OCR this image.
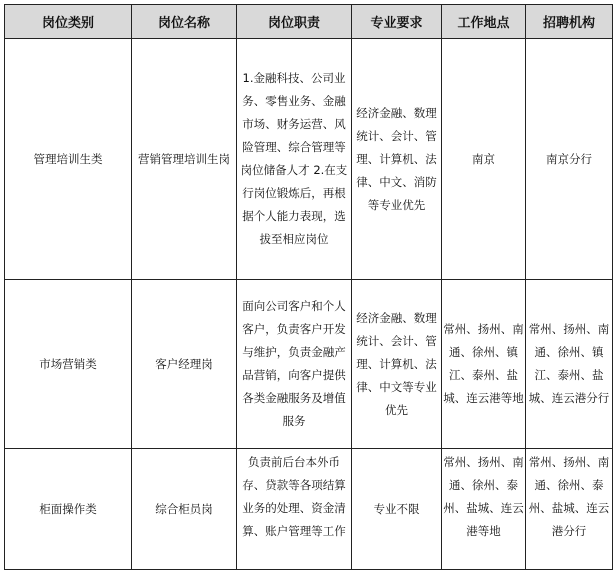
岗位类别	岗位名称	岗位职责	专业要求	工作地点	招聘机构
管理培训生类	营销管理培训生岗	1.金融科技、公司业务、零售业务、金融市场、财务运营、风险管理、综合管理等岗位储备人才 2.在支行岗位锻炼后，再根据个人能力表现，选拔至相应岗位	经济金融、数理统计、会计、管理、计算机、法律、中文、消防等专业优先	南京	南京分行
市场营销类	客户经理岗	面向公司客户和个人客户，负责客户开发与维护，负责金融产品营销，向客户提供各类金融服务及增值服务	经济金融、数理统计、会计、管理、计算机、法律、中文等专业优先	常州、扬州、南通、徐州、镇江、泰州、盐城、连云港等地	常州、扬州、南通、徐州、镇江、泰州、盐城、连云港分行
柜面操作类	综合柜员岗	负责前后台本外币存、贷款等各项结算业务的处理、资金清算、账户管理等工作	专业不限	常州、扬州、南通、徐州、泰州、盐城、连云港等地	常州、扬州、南通、徐州、泰州、盐城、连云港分行
